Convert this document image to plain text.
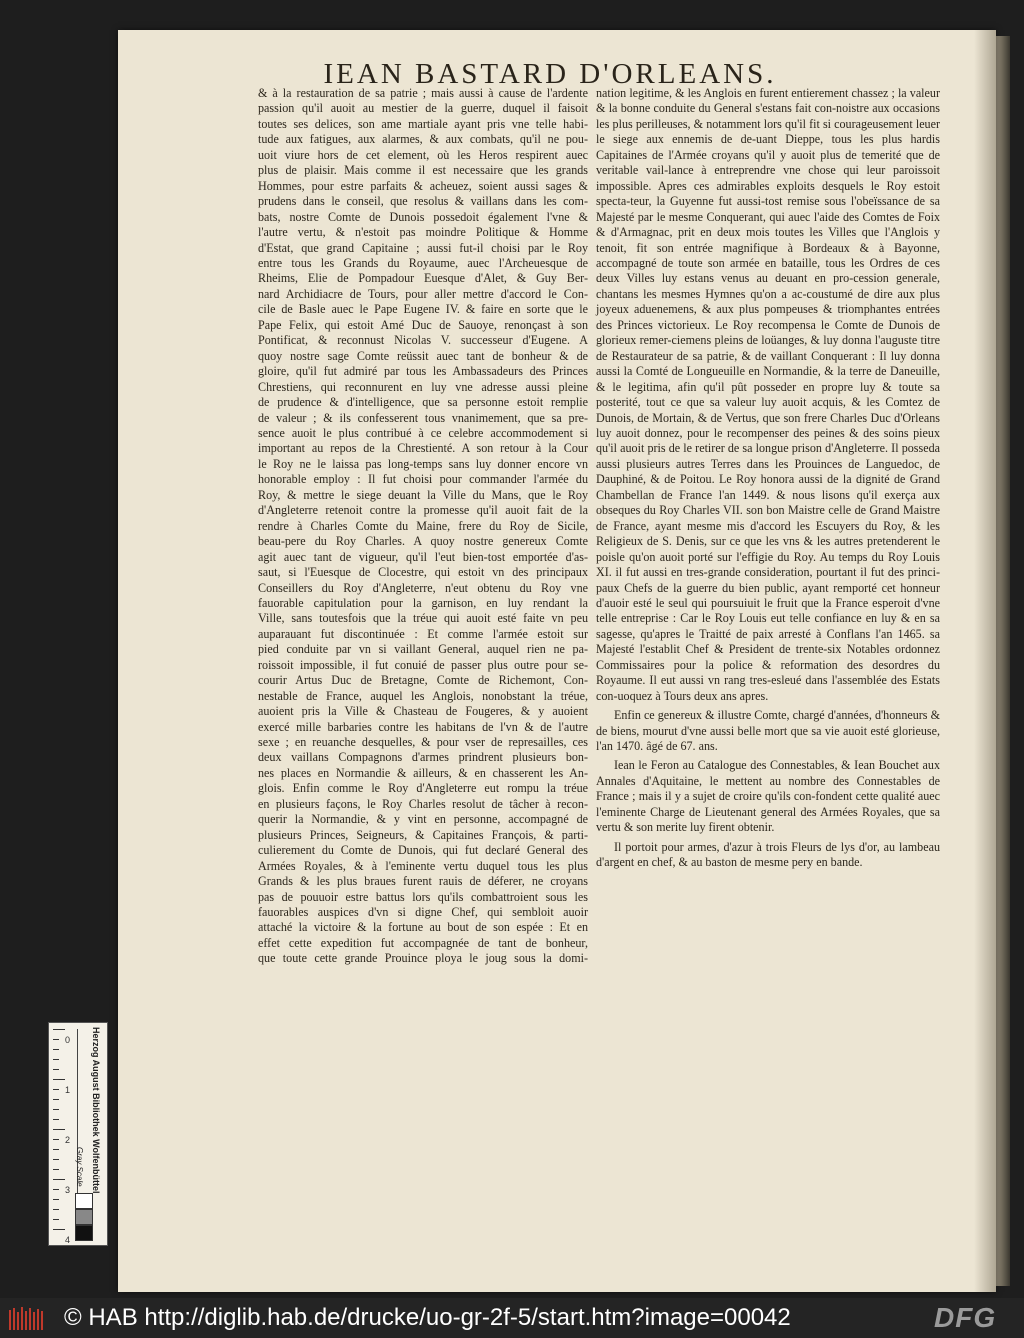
IEAN BASTARD D'ORLEANS.

& à la restauration de sa patrie ; mais aussi à cause de l'ardente

passion qu'il auoit au mestier de la guerre, duquel il faisoit

toutes ses delices, son ame martiale ayant pris vne telle habi-

tude aux fatigues, aux alarmes, & aux combats, qu'il ne pou-

uoit viure hors de cet element, où les Heros respirent auec

plus de plaisir. Mais comme il est necessaire que les grands

Hommes, pour estre parfaits & acheuez, soient aussi sages &

prudens dans le conseil, que resolus & vaillans dans les com-

bats, nostre Comte de Dunois possedoit également l'vne &

l'autre vertu, & n'estoit pas moindre Politique & Homme

d'Estat, que grand Capitaine ; aussi fut-il choisi par le Roy

entre tous les Grands du Royaume, auec l'Archeuesque de

Rheims, Elie de Pompadour Euesque d'Alet, & Guy Ber-

nard Archidiacre de Tours, pour aller mettre d'accord le Con-

cile de Basle auec le Pape Eugene IV. & faire en sorte que le

Pape Felix, qui estoit Amé Duc de Sauoye, renonçast à son

Pontificat, & reconnust Nicolas V. successeur d'Eugene. A

quoy nostre sage Comte reüssit auec tant de bonheur & de

gloire, qu'il fut admiré par tous les Ambassadeurs des Princes

Chrestiens, qui reconnurent en luy vne adresse aussi pleine

de prudence & d'intelligence, que sa personne estoit remplie

de valeur ; & ils confesserent tous vnanimement, que sa pre-

sence auoit le plus contribué à ce celebre accommodement si

important au repos de la Chrestienté. A son retour à la Cour

le Roy ne le laissa pas long-temps sans luy donner encore vn

honorable employ : Il fut choisi pour commander l'armée du

Roy, & mettre le siege deuant la Ville du Mans, que le Roy

d'Angleterre retenoit contre la promesse qu'il auoit fait de la

rendre à Charles Comte du Maine, frere du Roy de Sicile,

beau-pere du Roy Charles. A quoy nostre genereux Comte

agit auec tant de vigueur, qu'il l'eut bien-tost emportée d'as-

saut, si l'Euesque de Clocestre, qui estoit vn des principaux

Conseillers du Roy d'Angleterre, n'eut obtenu du Roy vne

fauorable capitulation pour la garnison, en luy rendant la

Ville, sans toutesfois que la tréue qui auoit esté faite vn peu

auparauant fut discontinuée : Et comme l'armée estoit sur

pied conduite par vn si vaillant General, auquel rien ne pa-

roissoit impossible, il fut conuié de passer plus outre pour se-

courir Artus Duc de Bretagne, Comte de Richemont, Con-

nestable de France, auquel les Anglois, nonobstant la tréue,

auoient pris la Ville & Chasteau de Fougeres, & y auoient

exercé mille barbaries contre les habitans de l'vn & de l'autre

sexe ; en reuanche desquelles, & pour vser de represailles, ces

deux vaillans Compagnons d'armes prindrent plusieurs bon-

nes places en Normandie & ailleurs, & en chasserent les An-

glois. Enfin comme le Roy d'Angleterre eut rompu la tréue

en plusieurs façons, le Roy Charles resolut de tâcher à recon-

querir la Normandie, & y vint en personne, accompagné de

plusieurs Princes, Seigneurs, & Capitaines François, & parti-

culierement du Comte de Dunois, qui fut declaré General des

Armées Royales, & à l'eminente vertu duquel tous les plus

Grands & les plus braues furent rauis de déferer, ne croyans

pas de pouuoir estre battus lors qu'ils combattroient sous les

fauorables auspices d'vn si digne Chef, qui sembloit auoir

attaché la victoire & la fortune au bout de son espée : Et en

effet cette expedition fut accompagnée de tant de bonheur,

que toute cette grande Prouince ploya le joug sous la domi-

nation legitime, & les Anglois en furent entierement chassez ; la valeur & la bonne conduite du General s'estans fait con-noistre aux occasions les plus perilleuses, & notamment lors qu'il fit si courageusement leuer le siege aux ennemis de de-uant Dieppe, tous les plus hardis Capitaines de l'Armée croyans qu'il y auoit plus de temerité que de veritable vail-lance à entreprendre vne chose qui leur paroissoit impossible. Apres ces admirables exploits desquels le Roy estoit specta-teur, la Guyenne fut aussi-tost remise sous l'obeïssance de sa Majesté par le mesme Conquerant, qui auec l'aide des Comtes de Foix & d'Armagnac, prit en deux mois toutes les Villes que l'Anglois y tenoit, fit son entrée magnifique à Bordeaux & à Bayonne, accompagné de toute son armée en bataille, tous les Ordres de ces deux Villes luy estans venus au deuant en pro-cession generale, chantans les mesmes Hymnes qu'on a ac-coustumé de dire aux plus joyeux aduenemens, & aux plus pompeuses & triomphantes entrées des Princes victorieux. Le Roy recompensa le Comte de Dunois de glorieux remer-ciemens pleins de loüanges, & luy donna l'auguste titre de Restaurateur de sa patrie, & de vaillant Conquerant : Il luy donna aussi la Comté de Longueuille en Normandie, & la terre de Daneuille, & le legitima, afin qu'il pût posseder en propre luy & toute sa posterité, tout ce que sa valeur luy auoit acquis, & les Comtez de Dunois, de Mortain, & de Vertus, que son frere Charles Duc d'Orleans luy auoit donnez, pour le recompenser des peines & des soins pieux qu'il auoit pris de le retirer de sa longue prison d'Angleterre. Il possedа aussi plusieurs autres Terres dans les Prouinces de Languedoc, de Dauphiné, & de Poitou. Le Roy honora aussi de la dignité de Grand Chambellan de France l'an 1449. & nous lisons qu'il exerça aux obseques du Roy Charles VII. son bon Maistre celle de Grand Maistre de France, ayant mesme mis d'accord les Escuyers du Roy, & les Religieux de S. Denis, sur ce que les vns & les autres pretenderent le poisle qu'on auoit porté sur l'effigie du Roy. Au temps du Roy Louis XI. il fut aussi en tres-grande consideration, pourtant il fut des princi-paux Chefs de la guerre du bien public, ayant remporté cet honneur d'auoir esté le seul qui poursuiuit le fruit que la France esperoit d'vne telle entreprise : Car le Roy Louis eut telle confiance en luy & en sa sagesse, qu'apres le Traitté de paix arresté à Conflans l'an 1465. sa Majesté l'establit Chef & President de trente-six Notables ordonnez Commissaires pour la police & reformation des desordres du Royaume. Il eut aussi vn rang tres-esleué dans l'assemblée des Estats con-uoquez à Tours deux ans apres.

Enfin ce genereux & illustre Comte, chargé d'années, d'honneurs & de biens, mourut d'vne aussi belle mort que sa vie auoit esté glorieuse, l'an 1470. âgé de 67. ans.

Iean le Feron au Catalogue des Connestables, & Iean Bouchet aux Annales d'Aquitaine, le mettent au nombre des Connestables de France ; mais il y a sujet de croire qu'ils con-fondent cette qualité auec l'eminente Charge de Lieutenant general des Armées Royales, que sa vertu & son merite luy firent obtenir.

Il portoit pour armes, d'azur à trois Fleurs de lys d'or, au lambeau d'argent en chef, & au baston de mesme pery en bande.

0
1
2
3
4
Gray Scale Herzog August Bibliothek Wolfenbüttel
© HAB http://diglib.hab.de/drucke/uo-gr-2f-5/start.htm?image=00042	DFG
